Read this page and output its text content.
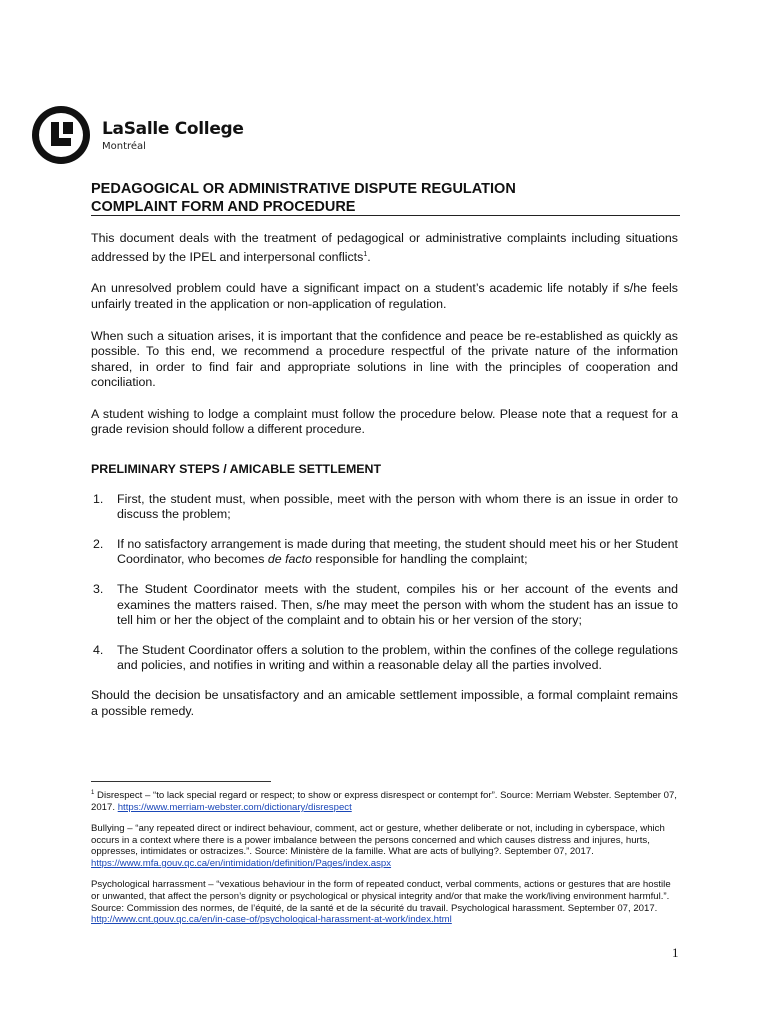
LaSalle College
Montréal
PEDAGOGICAL OR ADMINISTRATIVE DISPUTE REGULATION
COMPLAINT FORM AND PROCEDURE

This document deals with the treatment of pedagogical or administrative complaints including situations addressed by the IPEL and interpersonal conflicts$^1$.

An unresolved problem could have a significant impact on a student’s academic life notably if s/he feels unfairly treated in the application or non-application of regulation.

When such a situation arises, it is important that the confidence and peace be re-established as quickly as possible. To this end, we recommend a procedure respectful of the private nature of the information shared, in order to find fair and appropriate solutions in line with the principles of cooperation and conciliation.

A student wishing to lodge a complaint must follow the procedure below. Please note that a request for a grade revision should follow a different procedure.

PRELIMINARY STEPS / AMICABLE SETTLEMENT

1. First, the student must, when possible, meet with the person with whom there is an issue in order to discuss the problem;
2. If no satisfactory arrangement is made during that meeting, the student should meet his or her Student Coordinator, who becomes de facto responsible for handling the complaint;
3. The Student Coordinator meets with the student, compiles his or her account of the events and examines the matters raised. Then, s/he may meet the person with whom the student has an issue to tell him or her the object of the complaint and to obtain his or her version of the story;
4. The Student Coordinator offers a solution to the problem, within the confines of the college regulations and policies, and notifies in writing and within a reasonable delay all the parties involved.

Should the decision be unsatisfactory and an amicable settlement impossible, a formal complaint remains a possible remedy.

$^1$ Disrespect – “to lack special regard or respect; to show or express disrespect or contempt for”. Source: Merriam Webster. September 07, 2017. https://www.merriam-webster.com/dictionary/disrespect

Bullying – “any repeated direct or indirect behaviour, comment, act or gesture, whether deliberate or not, including in cyberspace, which occurs in a context where there is a power imbalance between the persons concerned and which causes distress and injures, hurts, oppresses, intimidates or ostracizes.”. Source: Ministère de la famille. What are acts of bullying?. September 07, 2017. https://www.mfa.gouv.qc.ca/en/intimidation/definition/Pages/index.aspx

Psychological harrassment – “vexatious behaviour in the form of repeated conduct, verbal comments, actions or gestures that are hostile or unwanted, that affect the person’s dignity or psychological or physical integrity and/or that make the work/living environment harmful.”. Source: Commission des normes, de l’équité, de la santé et de la sécurité du travail. Psychological harassment. September 07, 2017. http://www.cnt.gouv.qc.ca/en/in-case-of/psychological-harassment-at-work/index.html

1
